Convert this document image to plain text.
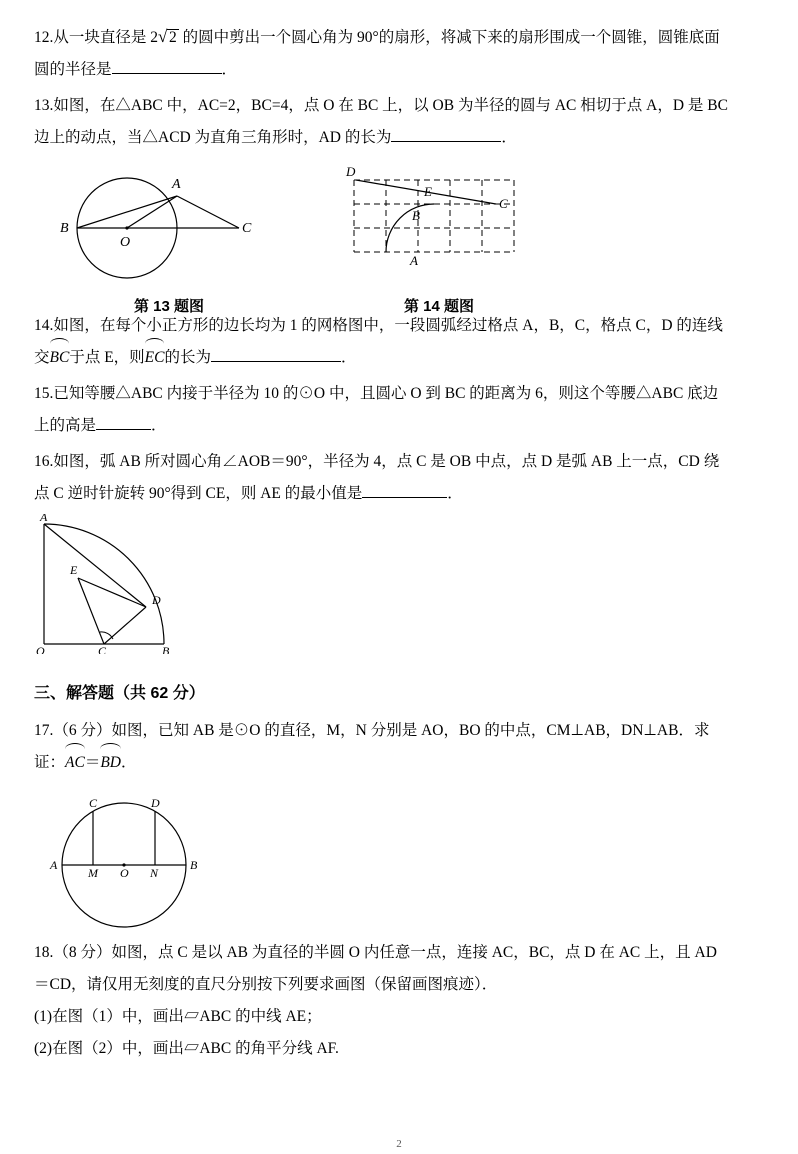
12.从一块直径是 2 √ 2 的圆中剪出一个圆心角为 90°的扇形，将减下来的扇形围成一个圆锥，圆锥底面
圆的半径是	．
13.如图，在△ABC 中，AC=2，BC=4，点 O 在 BC 上，以 OB 为半径的圆与 AC 相切于点 A，D 是 BC
边上的动点，当△ACD 为直角三角形时，AD 的长为	．
A
B	C
O
第 13 题图
D
E
B
C
A
第 14 题图
14.如图，在每个小正方形的边长均为 1 的网格图中，一段圆弧经过格点 A，B，C，格点 C，D 的连线
交BC于点 E，则EC的长为	．
15.已知等腰△ABC 内接于半径为 10 的⊙O 中，且圆心 O 到 BC 的距离为 6，则这个等腰△ABC 底边
上的高是	．
16.如图，弧 AB 所对圆心角∠AOB＝90°，半径为 4，点 C 是 OB 中点，点 D 是弧 AB 上一点，CD 绕
点 C 逆时针旋转 90°得到 CE，则 AE 的最小值是	．
A
E
D
O	C	B
三、解答题（共 62 分）
17.（6 分）如图，已知 AB 是⊙O 的直径，M，N 分别是 AO，BO 的中点，CM⊥AB，DN⊥AB．求
证：AC＝BD．
C	D
A
M O N
B
18.（8 分）如图，点 C 是以 AB 为直径的半圆 O 内任意一点，连接 AC，BC，点 D 在 AC 上，且 AD
＝CD，请仅用无刻度的直尺分别按下列要求画图（保留画图痕迹）．
(1)在图（1）中，画出▱ABC 的中线 AE；
(2)在图（2）中，画出▱ABC 的角平分线 AF.
2
